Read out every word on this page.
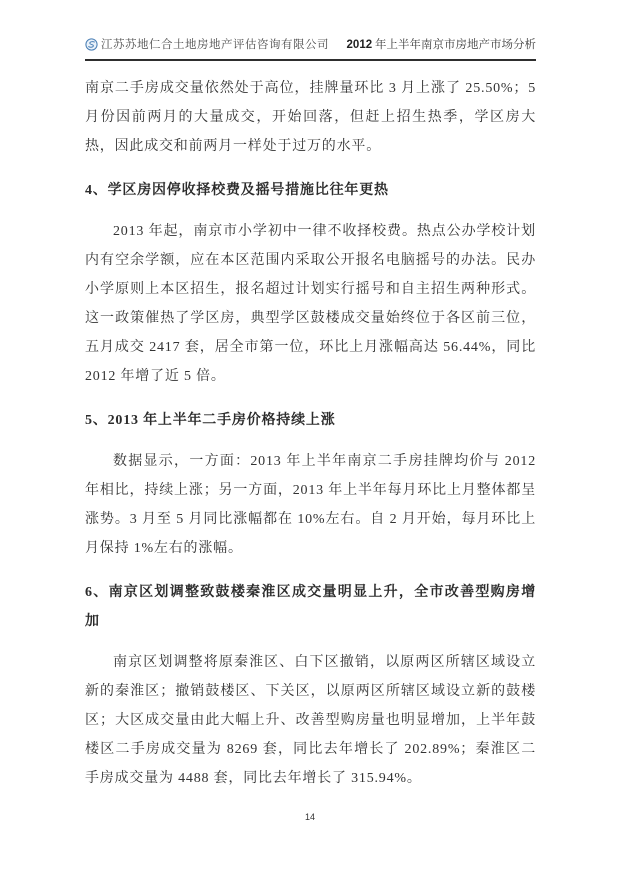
江苏苏地仁合土地房地产评估咨询有限公司 2012 年上半年南京市房地产市场分析

南京二手房成交量依然处于高位，挂牌量环比 3 月上涨了 25.50%；5 月份因前两月的大量成交，开始回落，但赶上招生热季，学区房大热，因此成交和前两月一样处于过万的水平。

4、学区房因停收择校费及摇号措施比往年更热

2013 年起，南京市小学初中一律不收择校费。热点公办学校计划内有空余学额，应在本区范围内采取公开报名电脑摇号的办法。民办小学原则上本区招生，报名超过计划实行摇号和自主招生两种形式。这一政策催热了学区房，典型学区鼓楼成交量始终位于各区前三位，五月成交 2417 套，居全市第一位，环比上月涨幅高达 56.44%，同比 2012 年增了近 5 倍。

5、2013 年上半年二手房价格持续上涨

数据显示，一方面：2013 年上半年南京二手房挂牌均价与 2012 年相比，持续上涨；另一方面，2013 年上半年每月环比上月整体都呈涨势。3 月至 5 月同比涨幅都在 10%左右。自 2 月开始，每月环比上月保持 1%左右的涨幅。

6、南京区划调整致鼓楼秦淮区成交量明显上升，全市改善型购房增加

南京区划调整将原秦淮区、白下区撤销，以原两区所辖区域设立新的秦淮区；撤销鼓楼区、下关区，以原两区所辖区域设立新的鼓楼区；大区成交量由此大幅上升、改善型购房量也明显增加，上半年鼓楼区二手房成交量为 8269 套，同比去年增长了 202.89%；秦淮区二手房成交量为 4488 套，同比去年增长了 315.94%。

14
